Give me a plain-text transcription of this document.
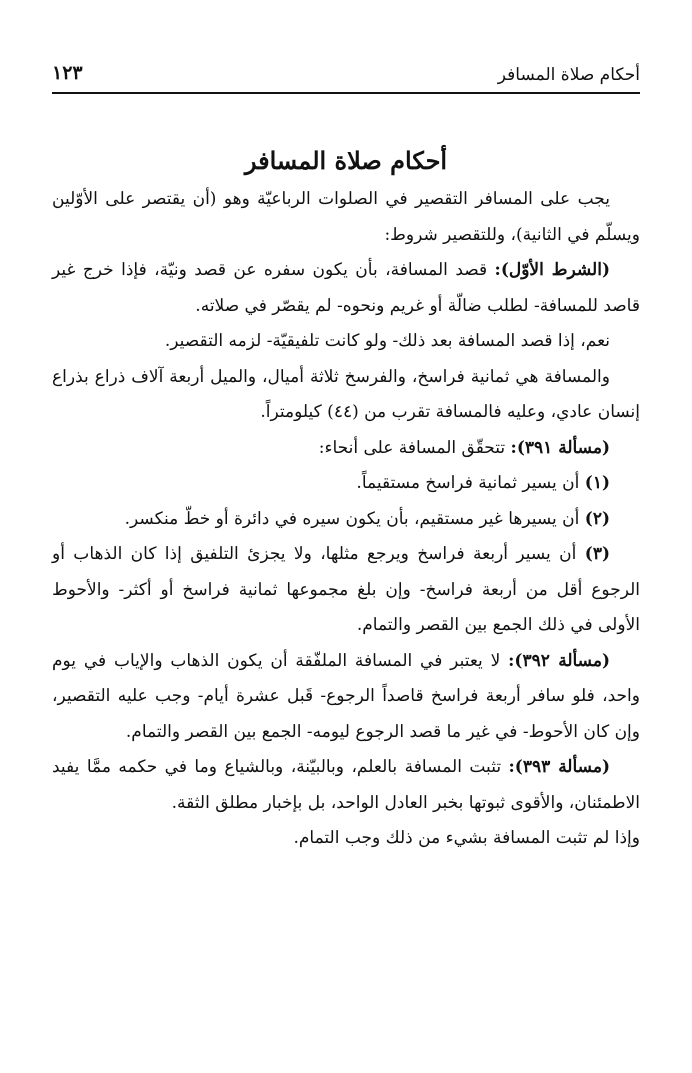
أحكام صلاة المسافر
١٢٣
أحكام صلاة المسافر

يجب على المسافر التقصير في الصلوات الرباعيّة وهو (أن يقتصر على الأوّلين ويسلّم في الثانية)، وللتقصير شروط:

(الشرط الأوّل): قصد المسافة، بأن يكون سفره عن قصد ونيّة، فإذا خرج غير قاصد للمسافة- لطلب ضالّة أو غريم ونحوه- لم يقصّر في صلاته.

نعم، إذا قصد المسافة بعد ذلك- ولو كانت تلفيقيّة- لزمه التقصير.

والمسافة هي ثمانية فراسخ، والفرسخ ثلاثة أميال، والميل أربعة آلاف ذراع بذراع إنسان عادي، وعليه فالمسافة تقرب من (٤٤) كيلومتراً.

(مسألة ٣٩١): تتحقّق المسافة على أنحاء:

(١) أن يسير ثمانية فراسخ مستقيماً.

(٢) أن يسيرها غير مستقيم، بأن يكون سيره في دائرة أو خطّ منكسر.

(٣) أن يسير أربعة فراسخ ويرجع مثلها، ولا يجزئ التلفيق إذا كان الذهاب أو الرجوع أقل من أربعة فراسخ- وإن بلغ مجموعها ثمانية فراسخ أو أكثر- والأحوط الأولى في ذلك الجمع بين القصر والتمام.

(مسألة ٣٩٢): لا يعتبر في المسافة الملفّقة أن يكون الذهاب والإياب في يوم واحد، فلو سافر أربعة فراسخ قاصداً الرجوع- قَبل عشرة أيام- وجب عليه التقصير، وإن كان الأحوط- في غير ما قصد الرجوع ليومه- الجمع بين القصر والتمام.

(مسألة ٣٩٣): تثبت المسافة بالعلم، وبالبيّنة، وبالشياع وما في حكمه ممَّا يفيد الاطمئنان، والأقوى ثبوتها بخبر العادل الواحد، بل بإخبار مطلق الثقة.

وإذا لم تثبت المسافة بشيء من ذلك وجب التمام.
